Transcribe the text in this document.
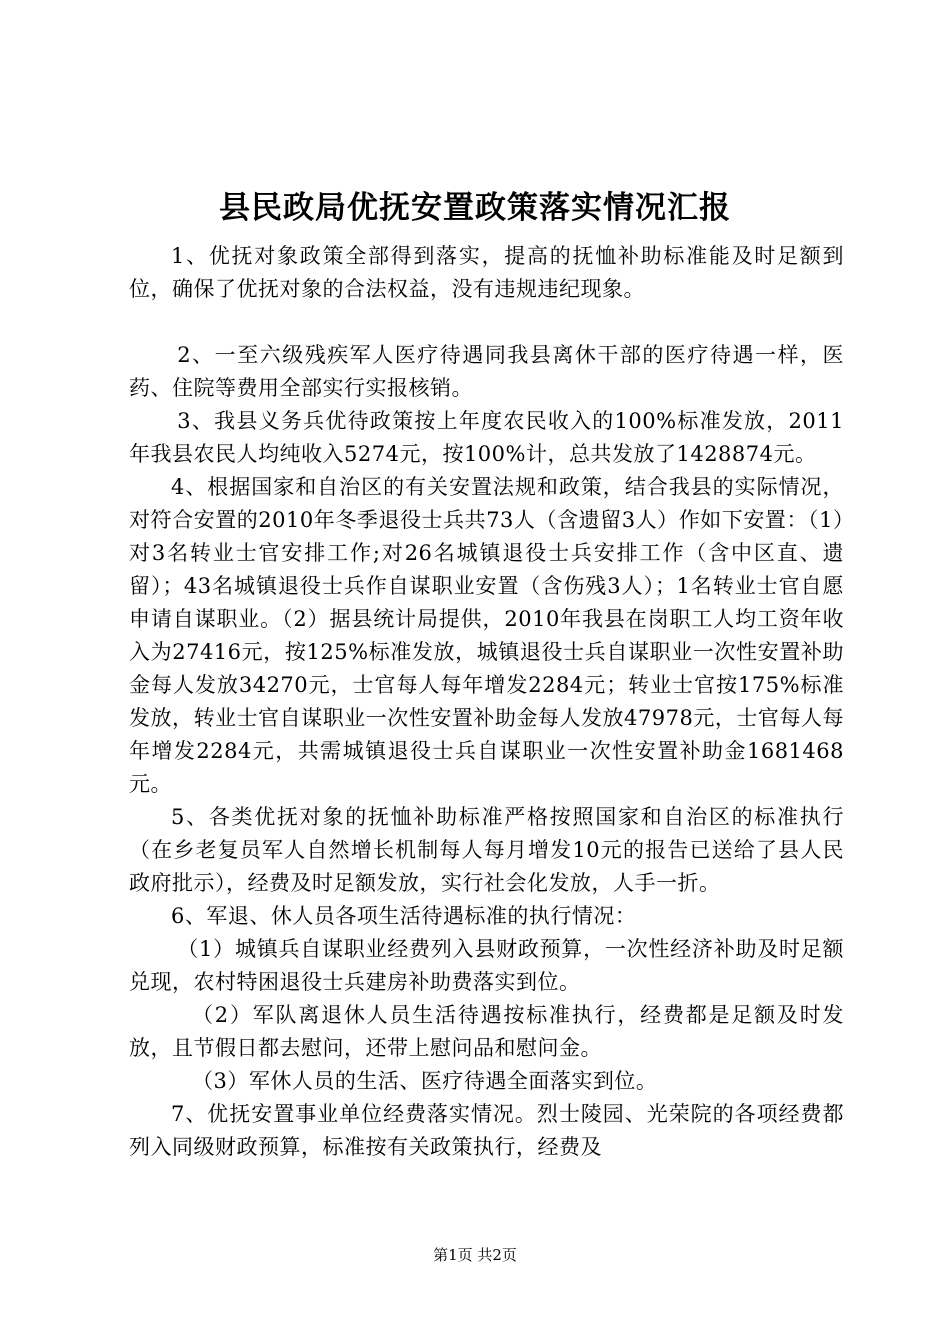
县民政局优抚安置政策落实情况汇报

1、优抚对象政策全部得到落实，提高的抚恤补助标准能及时足额到位，确保了优抚对象的合法权益，没有违规违纪现象。

2、一至六级残疾军人医疗待遇同我县离休干部的医疗待遇一样，医药、住院等费用全部实行实报核销。

3、我县义务兵优待政策按上年度农民收入的100%标准发放，2011年我县农民人均纯收入5274元，按100%计，总共发放了1428874元。

4、根据国家和自治区的有关安置法规和政策，结合我县的实际情况，对符合安置的2010年冬季退役士兵共73人（含遗留3人）作如下安置：（1）对3名转业士官安排工作;对26名城镇退役士兵安排工作（含中区直、遗留）；43名城镇退役士兵作自谋职业安置（含伤残3人）；1名转业士官自愿申请自谋职业。（2）据县统计局提供，2010年我县在岗职工人均工资年收入为27416元，按125%标准发放，城镇退役士兵自谋职业一次性安置补助金每人发放34270元，士官每人每年增发2284元；转业士官按175%标准发放，转业士官自谋职业一次性安置补助金每人发放47978元，士官每人每年增发2284元，共需城镇退役士兵自谋职业一次性安置补助金1681468元。

5、各类优抚对象的抚恤补助标准严格按照国家和自治区的标准执行（在乡老复员军人自然增长机制每人每月增发10元的报告已送给了县人民政府批示），经费及时足额发放，实行社会化发放，人手一折。

6、军退、休人员各项生活待遇标准的执行情况：

（1）城镇兵自谋职业经费列入县财政预算，一次性经济补助及时足额兑现，农村特困退役士兵建房补助费落实到位。

（2）军队离退休人员生活待遇按标准执行，经费都是足额及时发放，且节假日都去慰问，还带上慰问品和慰问金。

（3）军休人员的生活、医疗待遇全面落实到位。

7、优抚安置事业单位经费落实情况。烈士陵园、光荣院的各项经费都列入同级财政预算，标准按有关政策执行，经费及

第1页 共2页
